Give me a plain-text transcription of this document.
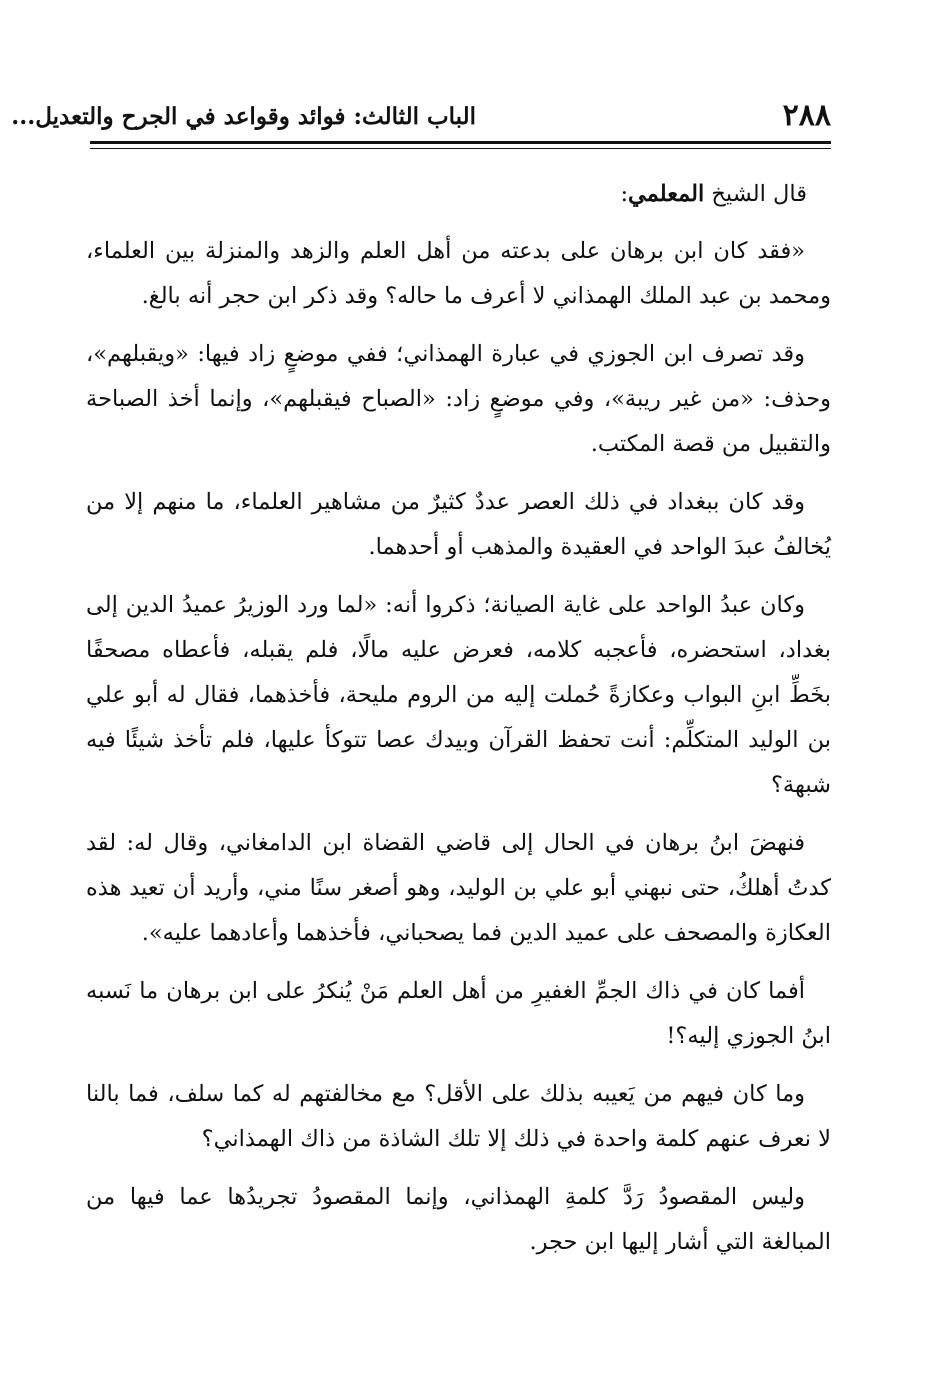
٢٨٨
الباب الثالث: فوائد وقواعد في الجرح والتعديل...

قال الشيخ المعلمي:

«فقد كان ابن برهان على بدعته من أهل العلم والزهد والمنزلة بين العلماء، ومحمد بن عبد الملك الهمذاني لا أعرف ما حاله؟ وقد ذكر ابن حجر أنه بالغ.

وقد تصرف ابن الجوزي في عبارة الهمذاني؛ ففي موضعٍ زاد فيها: «ويقبلهم»، وحذف: «من غير ريبة»، وفي موضعٍ زاد: «الصباح فيقبلهم»، وإنما أخذ الصباحة والتقبيل من قصة المكتب.

وقد كان ببغداد في ذلك العصر عددٌ كثيرٌ من مشاهير العلماء، ما منهم إلا من يُخالفُ عبدَ الواحد في العقيدة والمذهب أو أحدهما.

وكان عبدُ الواحد على غاية الصيانة؛ ذكروا أنه: «لما ورد الوزيرُ عميدُ الدين إلى بغداد، استحضره، فأعجبه كلامه، فعرض عليه مالًا، فلم يقبله، فأعطاه مصحفًا بخَطِّ ابنِ البواب وعكازةً حُملت إليه من الروم مليحة، فأخذهما، فقال له أبو علي بن الوليد المتكلِّم: أنت تحفظ القرآن وبيدك عصا تتوكأ عليها، فلم تأخذ شيئًا فيه شبهة؟

فنهضَ ابنُ برهان في الحال إلى قاضي القضاة ابن الدامغاني، وقال له: لقد كدتُ أهلكُ، حتى نبهني أبو علي بن الوليد، وهو أصغر سنًا مني، وأريد أن تعيد هذه العكازة والمصحف على عميد الدين فما يصحباني، فأخذهما وأعادهما عليه».

أفما كان في ذاك الجمِّ الغفيرِ من أهل العلم مَنْ يُنكرُ على ابن برهان ما نَسبه ابنُ الجوزي إليه؟!

وما كان فيهم من يَعيبه بذلك على الأقل؟ مع مخالفتهم له كما سلف، فما بالنا لا نعرف عنهم كلمة واحدة في ذلك إلا تلك الشاذة من ذاك الهمذاني؟

وليس المقصودُ رَدَّ كلمةِ الهمذاني، وإنما المقصودُ تجريدُها عما فيها من المبالغة التي أشار إليها ابن حجر.
